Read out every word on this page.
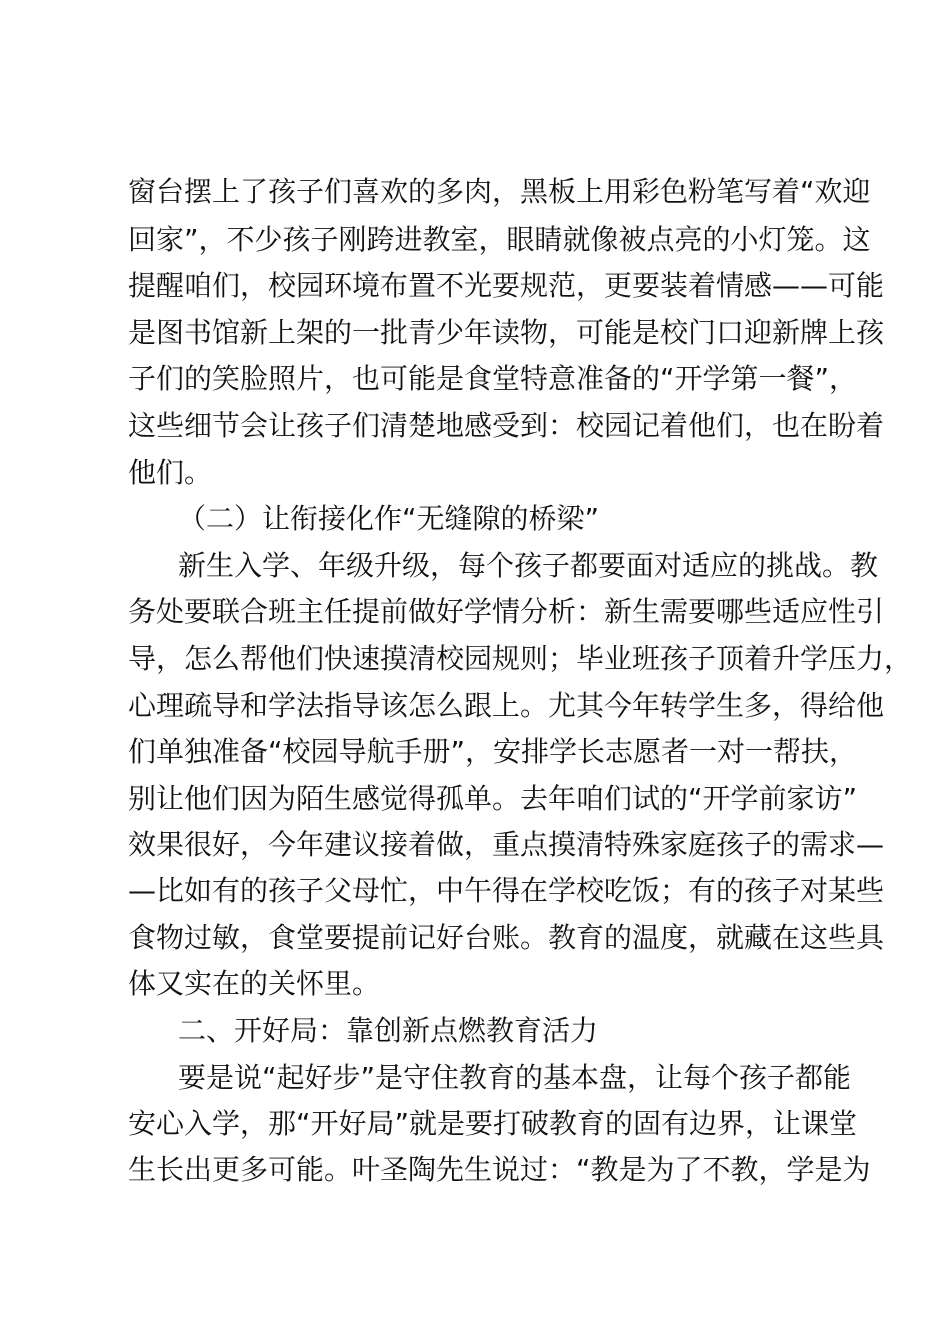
窗台摆上了孩子们喜欢的多肉，黑板上用彩色粉笔写着“欢迎
回家”，不少孩子刚跨进教室，眼睛就像被点亮的小灯笼。这
提醒咱们，校园环境布置不光要规范，更要装着情感——可能
是图书馆新上架的一批青少年读物，可能是校门口迎新牌上孩
子们的笑脸照片，也可能是食堂特意准备的“开学第一餐”，
这些细节会让孩子们清楚地感受到：校园记着他们，也在盼着
他们。
（二）让衔接化作“无缝隙的桥梁”
新生入学、年级升级，每个孩子都要面对适应的挑战。教
务处要联合班主任提前做好学情分析：新生需要哪些适应性引
导，怎么帮他们快速摸清校园规则；毕业班孩子顶着升学压力，
心理疏导和学法指导该怎么跟上。尤其今年转学生多，得给他
们单独准备“校园导航手册”，安排学长志愿者一对一帮扶，
别让他们因为陌生感觉得孤单。去年咱们试的“开学前家访”
效果很好，今年建议接着做，重点摸清特殊家庭孩子的需求—
—比如有的孩子父母忙，中午得在学校吃饭；有的孩子对某些
食物过敏，食堂要提前记好台账。教育的温度，就藏在这些具
体又实在的关怀里。
二、开好局：靠创新点燃教育活力
要是说“起好步”是守住教育的基本盘，让每个孩子都能
安心入学，那“开好局”就是要打破教育的固有边界，让课堂
生长出更多可能。叶圣陶先生说过：“教是为了不教，学是为
